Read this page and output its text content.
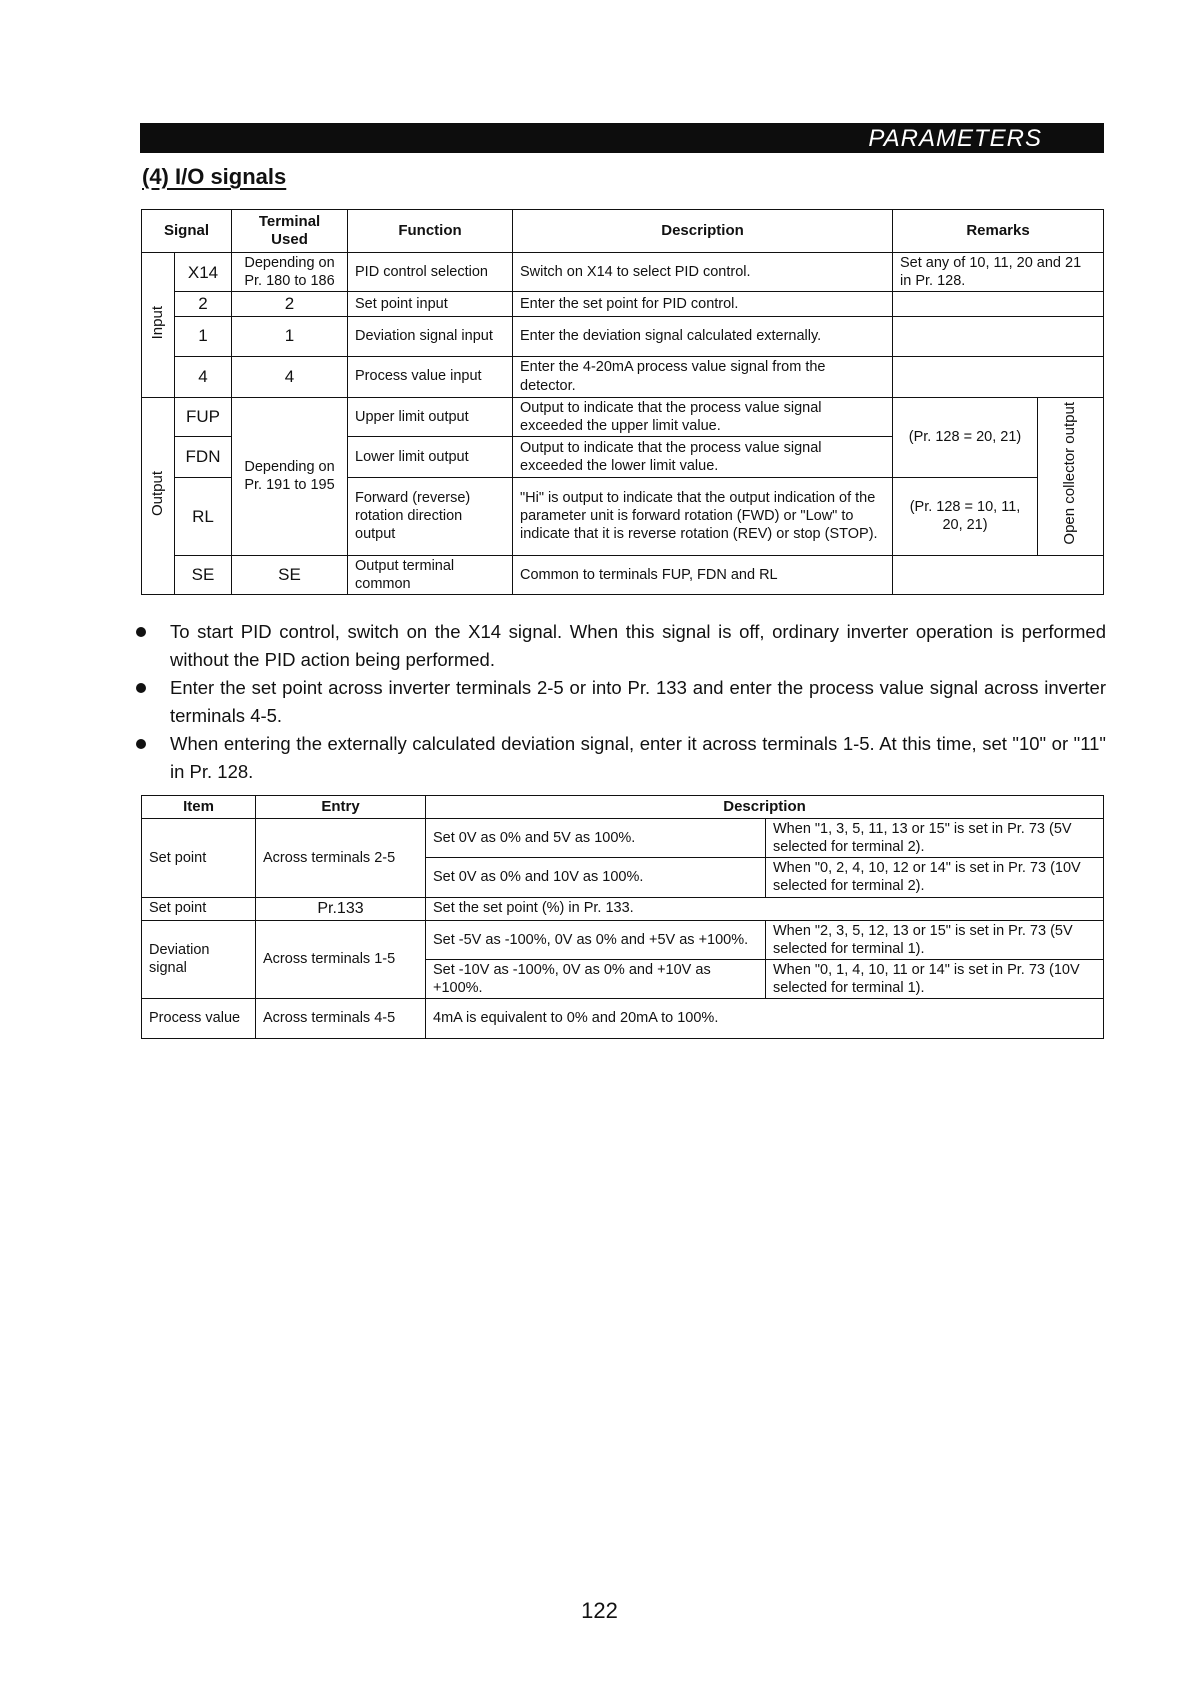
PARAMETERS
(4) I/O signals
Signal		Terminal Used	Function	Description	Remarks	
Input	X14	Depending on Pr. 180 to 186	PID control selection	Switch on X14 to select PID control.	Set any of 10, 11, 20 and 21 in Pr. 128.	
	2	2	Set point input	Enter the set point for PID control.		
	1	1	Deviation signal input	Enter the deviation signal calculated externally.		
	4	4	Process value input	Enter the 4-20mA process value signal from the detector.		
Output	FUP	Depending on Pr. 191 to 195	Upper limit output	Output to indicate that the process value signal exceeded the upper limit value.	(Pr. 128 = 20, 21)	Open collector output
	FDN		Lower limit output	Output to indicate that the process value signal exceeded the lower limit value.		
	RL		Forward (reverse) rotation direction output	"Hi" is output to indicate that the output indication of the parameter unit is forward rotation (FWD) or "Low" to indicate that it is reverse rotation (REV) or stop (STOP).	(Pr. 128 = 10, 11, 20, 21)	
	SE	SE	Output terminal common	Common to terminals FUP, FDN and RL		
To start PID control, switch on the X14 signal. When this signal is off, ordinary inverter operation is performed without the PID action being performed.
Enter the set point across inverter terminals 2-5 or into Pr. 133 and enter the process value signal across inverter terminals 4-5.
When entering the externally calculated deviation signal, enter it across terminals 1-5. At this time, set "10" or "11" in Pr. 128.
Item	Entry	Description	
Set point	Across terminals 2-5	Set 0V as 0% and 5V as 100%.	When "1, 3, 5, 11, 13 or 15" is set in Pr. 73 (5V selected for terminal 2).
		Set 0V as 0% and 10V as 100%.	When "0, 2, 4, 10, 12 or 14" is set in Pr. 73 (10V selected for terminal 2).
Set point	Pr.133	Set the set point (%) in Pr. 133.	
Deviation signal	Across terminals 1-5	Set -5V as -100%, 0V as 0% and +5V as +100%.	When "2, 3, 5, 12, 13 or 15" is set in Pr. 73 (5V selected for terminal 1).
		Set -10V as -100%, 0V as 0% and +10V as +100%.	When "0, 1, 4, 10, 11 or 14" is set in Pr. 73 (10V selected for terminal 1).
Process value	Across terminals 4-5	4mA is equivalent to 0% and 20mA to 100%.	
122
